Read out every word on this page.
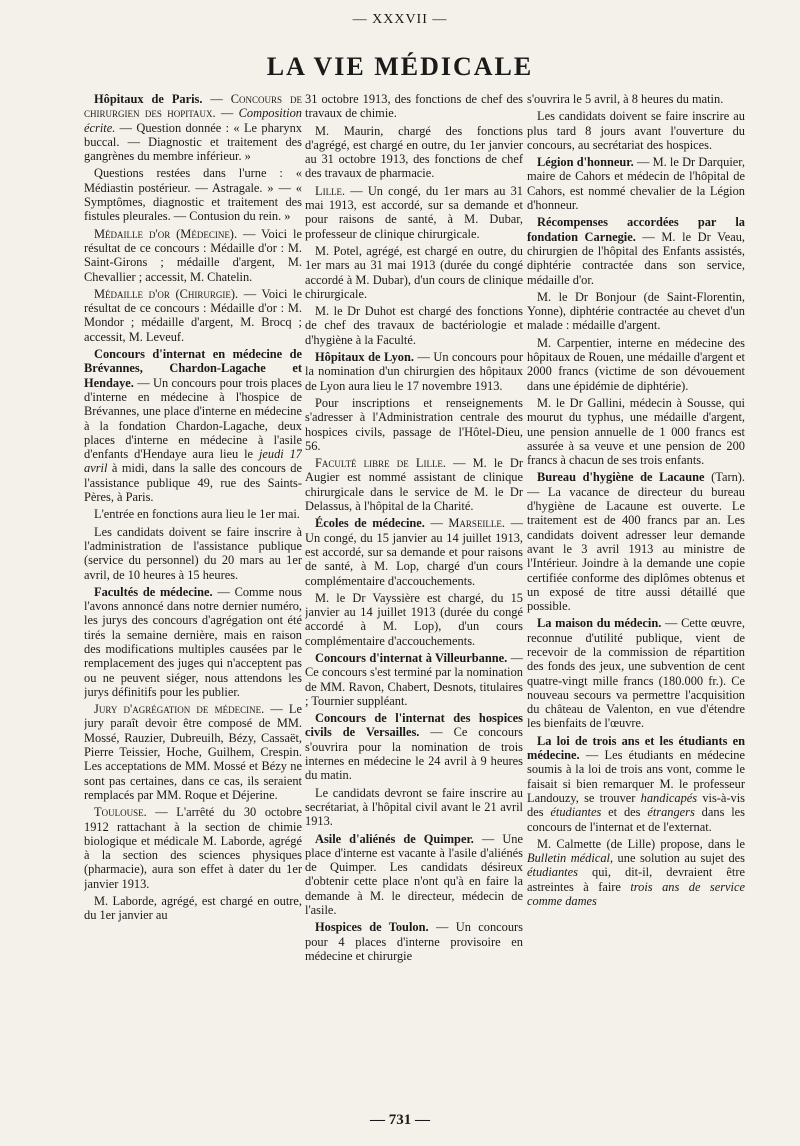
— XXXVII —
LA VIE MÉDICALE

Hôpitaux de Paris. — Concours de chirurgien des hopitaux. — Composition écrite. — Question donnée : « Le pharynx buccal. — Diagnostic et traitement des gangrènes du membre inférieur. »

Questions restées dans l'urne : « Médiastin postérieur. — Astragale. » — « Symptômes, diagnostic et traitement des fistules pleurales. — Contusion du rein. »

Médaille d'or (Médecine). — Voici le résultat de ce concours : Médaille d'or : M. Saint-Girons ; médaille d'argent, M. Chevallier ; accessit, M. Chatelin.

Médaille d'or (Chirurgie). — Voici le résultat de ce concours : Médaille d'or : M. Mondor ; médaille d'argent, M. Brocq ; accessit, M. Leveuf.

Concours d'internat en médecine de Brévannes, Chardon-Lagache et Hendaye. — Un concours pour trois places d'interne en médecine à l'hospice de Brévannes, une place d'interne en médecine à la fondation Chardon-Lagache, deux places d'interne en médecine à l'asile d'enfants d'Hendaye aura lieu le jeudi 17 avril à midi, dans la salle des concours de l'assistance publique 49, rue des Saints-Pères, à Paris.

L'entrée en fonctions aura lieu le 1er mai.

Les candidats doivent se faire inscrire à l'administration de l'assistance publique (service du personnel) du 20 mars au 1er avril, de 10 heures à 15 heures.

Facultés de médecine. — Comme nous l'avons annoncé dans notre dernier numéro, les jurys des concours d'agrégation ont été tirés la semaine dernière, mais en raison des modifications multiples causées par le remplacement des juges qui n'acceptent pas ou ne peuvent siéger, nous attendons les jurys définitifs pour les publier.

Jury d'agrégation de médecine. — Le jury paraît devoir être composé de MM. Mossé, Rauzier, Dubreuilh, Bézy, Cassaët, Pierre Teissier, Hoche, Guilhem, Crespin. Les acceptations de MM. Mossé et Bézy ne sont pas certaines, dans ce cas, ils seraient remplacés par MM. Roque et Déjerine.

Toulouse. — L'arrêté du 30 octobre 1912 rattachant à la section de chimie biologique et médicale M. Laborde, agrégé à la section des sciences physiques (pharmacie), aura son effet à dater du 1er janvier 1913.

M. Laborde, agrégé, est chargé en outre, du 1er janvier au

31 octobre 1913, des fonctions de chef des travaux de chimie.

M. Maurin, chargé des fonctions d'agrégé, est chargé en outre, du 1er janvier au 31 octobre 1913, des fonctions de chef des travaux de pharmacie.

Lille. — Un congé, du 1er mars au 31 mai 1913, est accordé, sur sa demande et pour raisons de santé, à M. Dubar, professeur de clinique chirurgicale.

M. Potel, agrégé, est chargé en outre, du 1er mars au 31 mai 1913 (durée du congé accordé à M. Dubar), d'un cours de clinique chirurgicale.

M. le Dr Duhot est chargé des fonctions de chef des travaux de bactériologie et d'hygiène à la Faculté.

Hôpitaux de Lyon. — Un concours pour la nomination d'un chirurgien des hôpitaux de Lyon aura lieu le 17 novembre 1913.

Pour inscriptions et renseignements s'adresser à l'Administration centrale des hospices civils, passage de l'Hôtel-Dieu, 56.

Faculté libre de Lille. — M. le Dr Augier est nommé assistant de clinique chirurgicale dans le service de M. le Dr Delassus, à l'hôpital de la Charité.

Écoles de médecine. — Marseille. — Un congé, du 15 janvier au 14 juillet 1913, est accordé, sur sa demande et pour raisons de santé, à M. Lop, chargé d'un cours complémentaire d'accouchements.

M. le Dr Vayssière est chargé, du 15 janvier au 14 juillet 1913 (durée du congé accordé à M. Lop), d'un cours complémentaire d'accouchements.

Concours d'internat à Villeurbanne. — Ce concours s'est terminé par la nomination de MM. Ravon, Chabert, Desnots, titulaires ; Tournier suppléant.

Concours de l'internat des hospices civils de Versailles. — Ce concours s'ouvrira pour la nomination de trois internes en médecine le 24 avril à 9 heures du matin.

Le candidats devront se faire inscrire au secrétariat, à l'hôpital civil avant le 21 avril 1913.

Asile d'aliénés de Quimper. — Une place d'interne est vacante à l'asile d'aliénés de Quimper. Les candidats désireux d'obtenir cette place n'ont qu'à en faire la demande à M. le directeur, médecin de l'asile.

Hospices de Toulon. — Un concours pour 4 places d'interne provisoire en médecine et chirurgie

s'ouvrira le 5 avril, à 8 heures du matin.

Les candidats doivent se faire inscrire au plus tard 8 jours avant l'ouverture du concours, au secrétariat des hospices.

Légion d'honneur. — M. le Dr Darquier, maire de Cahors et médecin de l'hôpital de Cahors, est nommé chevalier de la Légion d'honneur.

Récompenses accordées par la fondation Carnegie. — M. le Dr Veau, chirurgien de l'hôpital des Enfants assistés, diphtérie contractée dans son service, médaille d'or.

M. le Dr Bonjour (de Saint-Florentin, Yonne), diphtérie contractée au chevet d'un malade : médaille d'argent.

M. Carpentier, interne en médecine des hôpitaux de Rouen, une médaille d'argent et 2000 francs (victime de son dévouement dans une épidémie de diphtérie).

M. le Dr Gallini, médecin à Sousse, qui mourut du typhus, une médaille d'argent, une pension annuelle de 1 000 francs est assurée à sa veuve et une pension de 200 francs à chacun de ses trois enfants.

Bureau d'hygiène de Lacaune (Tarn). — La vacance de directeur du bureau d'hygiène de Lacaune est ouverte. Le traitement est de 400 francs par an. Les candidats doivent adresser leur demande avant le 3 avril 1913 au ministre de l'Intérieur. Joindre à la demande une copie certifiée conforme des diplômes obtenus et un exposé de titre aussi détaillé que possible.

La maison du médecin. — Cette œuvre, reconnue d'utilité publique, vient de recevoir de la commission de répartition des fonds des jeux, une subvention de cent quatre-vingt mille francs (180.000 fr.). Ce nouveau secours va permettre l'acquisition du château de Valenton, en vue d'étendre les bienfaits de l'œuvre.

La loi de trois ans et les étudiants en médecine. — Les étudiants en médecine soumis à la loi de trois ans vont, comme le faisait si bien remarquer M. le professeur Landouzy, se trouver handicapés vis-à-vis des étudiantes et des étrangers dans les concours de l'internat et de l'externat.

M. Calmette (de Lille) propose, dans le Bulletin médical, une solution au sujet des étudiantes qui, dit-il, devraient être astreintes à faire trois ans de service comme dames

— 731 —
